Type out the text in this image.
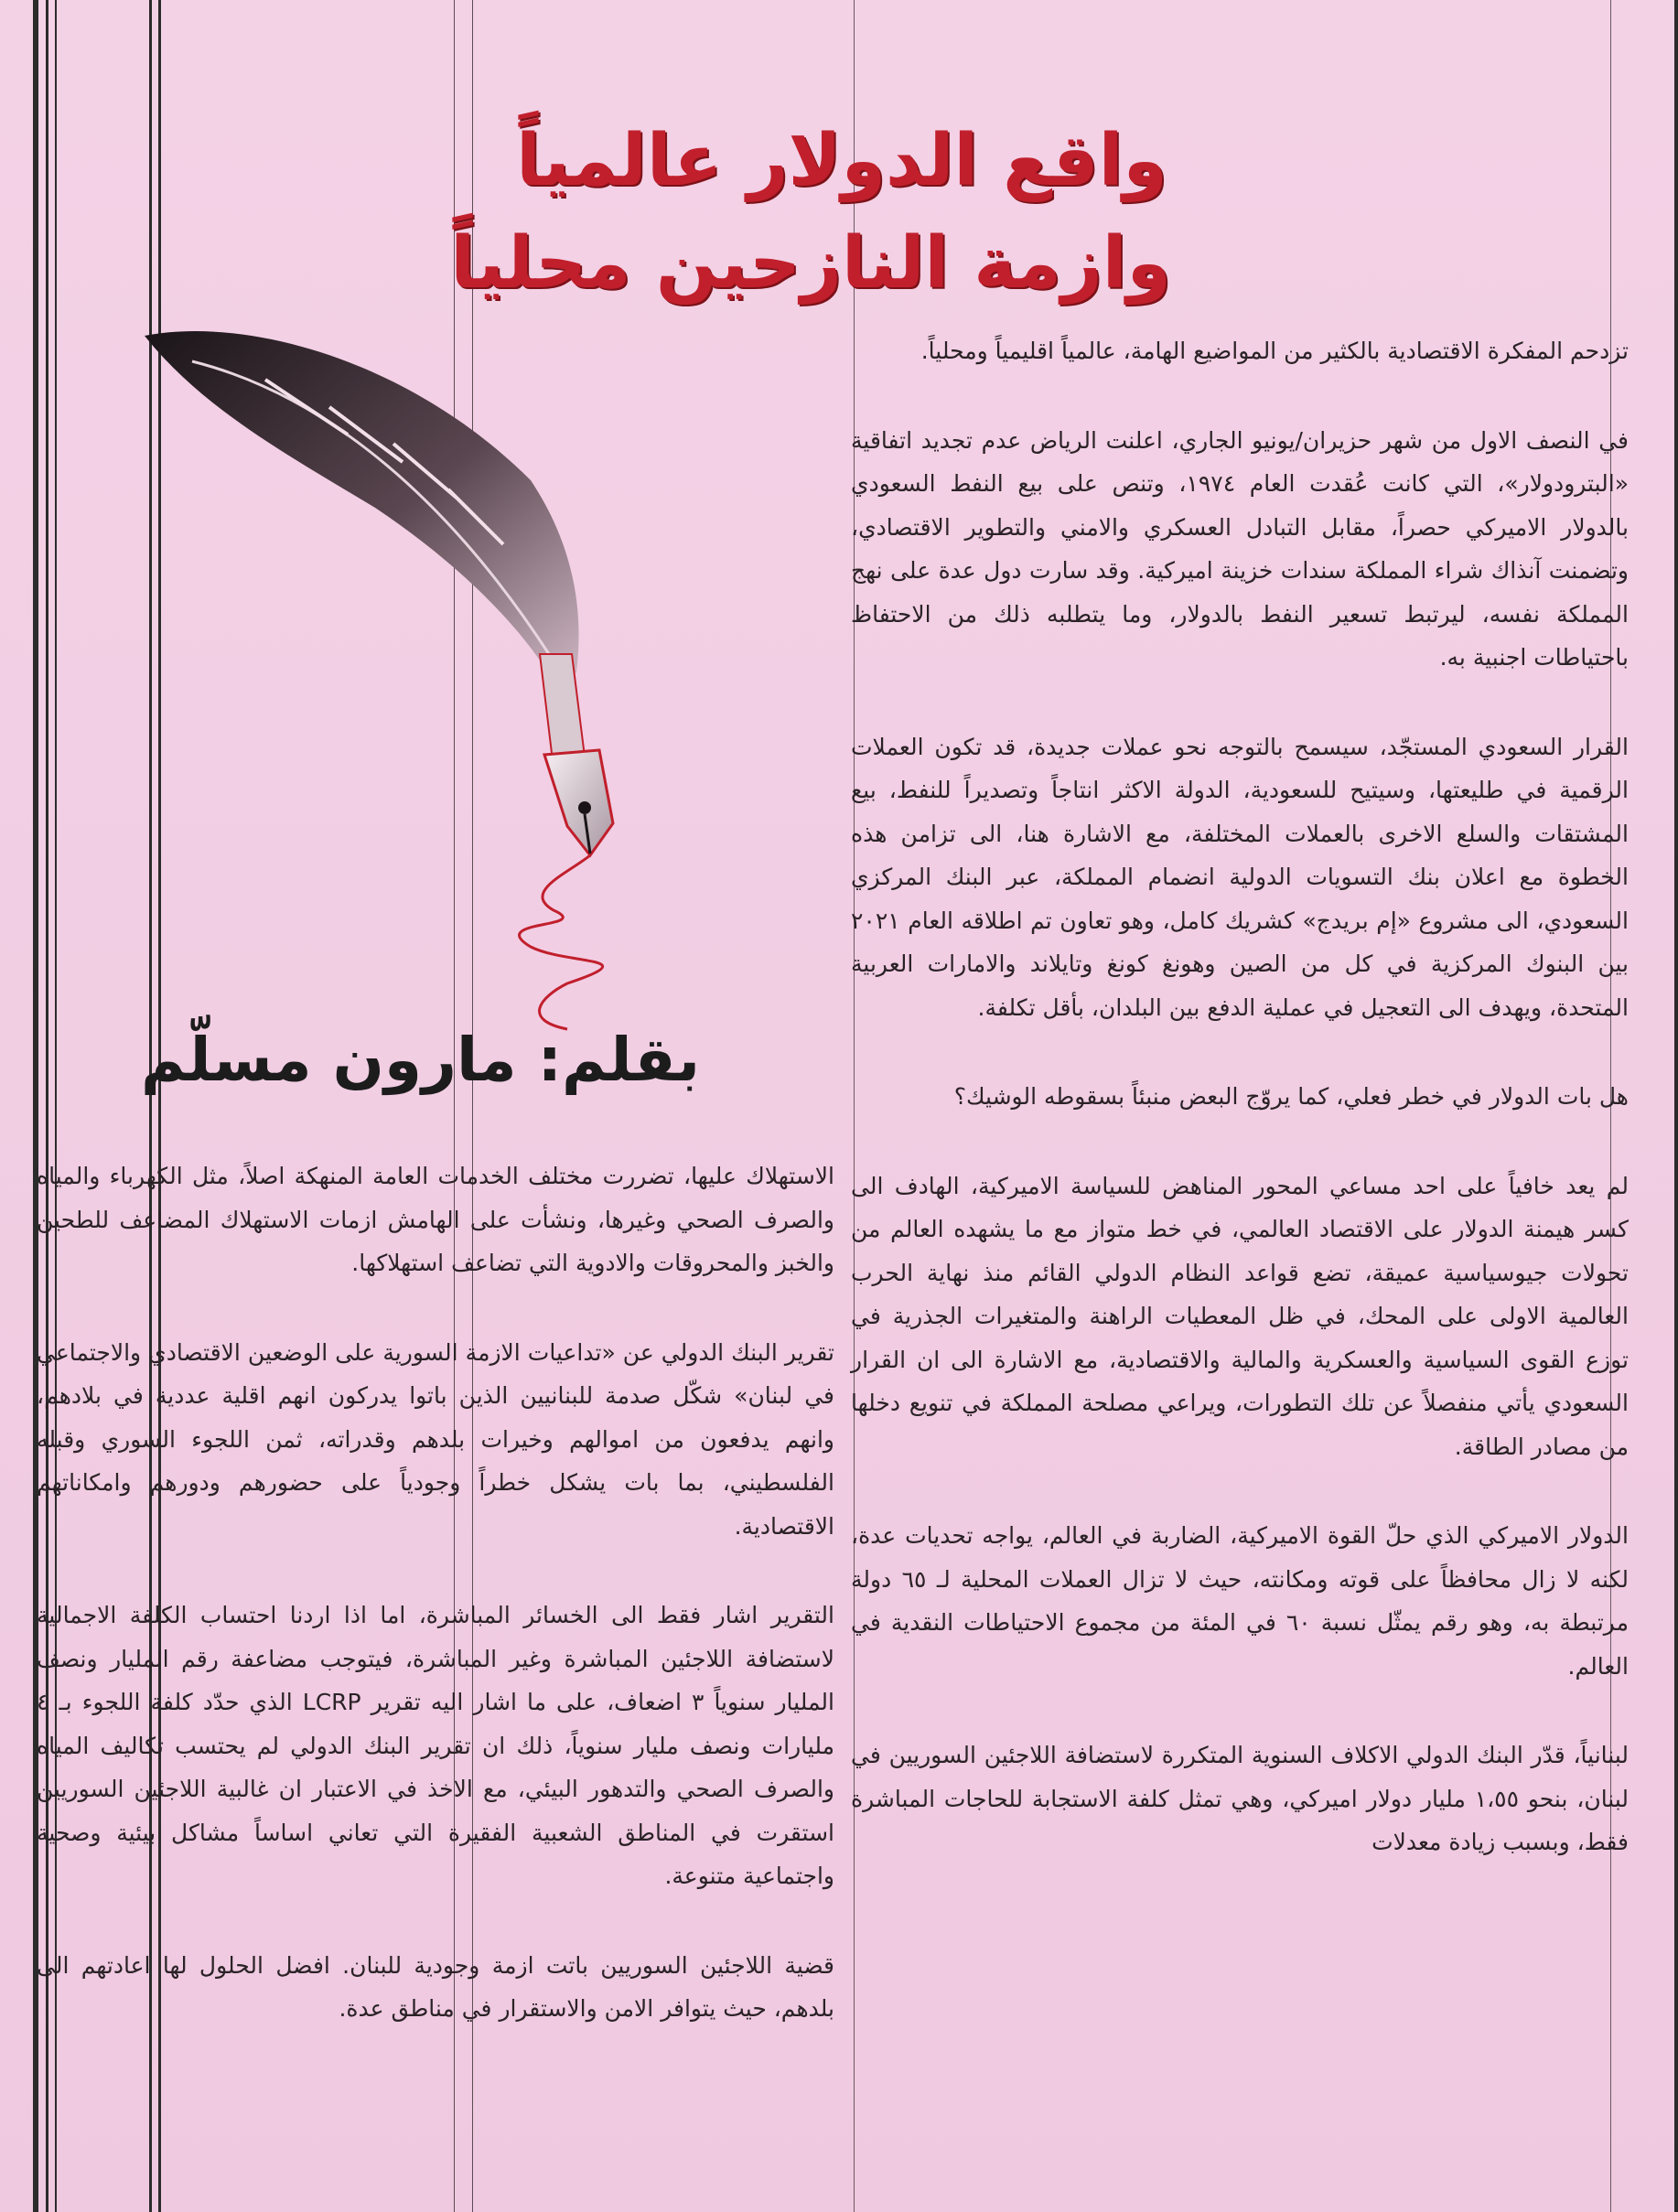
واقع الدولار عالمياً
وازمة النازحين محلياً
بقلم: مارون مسلّم

تزدحم المفكرة الاقتصادية بالكثير من المواضيع الهامة، عالمياً اقليمياً ومحلياً.

في النصف الاول من شهر حزيران/يونيو الجاري، اعلنت الرياض عدم تجديد اتفاقية «البترودولار»، التي كانت عُقدت العام ١٩٧٤، وتنص على بيع النفط السعودي بالدولار الاميركي حصراً، مقابل التبادل العسكري والامني والتطوير الاقتصادي، وتضمنت آنذاك شراء المملكة سندات خزينة اميركية. وقد سارت دول عدة على نهج المملكة نفسه، ليرتبط تسعير النفط بالدولار، وما يتطلبه ذلك من الاحتفاظ باحتياطات اجنبية به.

القرار السعودي المستجّد، سيسمح بالتوجه نحو عملات جديدة، قد تكون العملات الرقمية في طليعتها، وسيتيح للسعودية، الدولة الاكثر انتاجاً وتصديراً للنفط، بيع المشتقات والسلع الاخرى بالعملات المختلفة، مع الاشارة هنا، الى تزامن هذه الخطوة مع اعلان بنك التسويات الدولية انضمام المملكة، عبر البنك المركزي السعودي، الى مشروع «إم بريدج» كشريك كامل، وهو تعاون تم اطلاقه العام ٢٠٢١ بين البنوك المركزية في كل من الصين وهونغ كونغ وتايلاند والامارات العربية المتحدة، ويهدف الى التعجيل في عملية الدفع بين البلدان، بأقل تكلفة.

هل بات الدولار في خطر فعلي، كما يروّج البعض منبئاً بسقوطه الوشيك؟

لم يعد خافياً على احد مساعي المحور المناهض للسياسة الاميركية، الهادف الى كسر هيمنة الدولار على الاقتصاد العالمي، في خط متواز مع ما يشهده العالم من تحولات جيوسياسية عميقة، تضع قواعد النظام الدولي القائم منذ نهاية الحرب العالمية الاولى على المحك، في ظل المعطيات الراهنة والمتغيرات الجذرية في توزع القوى السياسية والعسكرية والمالية والاقتصادية، مع الاشارة الى ان القرار السعودي يأتي منفصلاً عن تلك التطورات، ويراعي مصلحة المملكة في تنويع دخلها من مصادر الطاقة.

الدولار الاميركي الذي حلّ القوة الاميركية، الضاربة في العالم، يواجه تحديات عدة، لكنه لا زال محافظاً على قوته ومكانته، حيث لا تزال العملات المحلية لـ ٦٥ دولة مرتبطة به، وهو رقم يمثّل نسبة ٦٠ في المئة من مجموع الاحتياطات النقدية في العالم.

لبنانياً، قدّر البنك الدولي الاكلاف السنوية المتكررة لاستضافة اللاجئين السوريين في لبنان، بنحو ١،٥٥ مليار دولار اميركي، وهي تمثل كلفة الاستجابة للحاجات المباشرة فقط، وبسبب زيادة معدلات

الاستهلاك عليها، تضررت مختلف الخدمات العامة المنهكة اصلاً، مثل الكهرباء والمياه والصرف الصحي وغيرها، ونشأت على الهامش ازمات الاستهلاك المضاعف للطحين والخبز والمحروقات والادوية التي تضاعف استهلاكها.

تقرير البنك الدولي عن «تداعيات الازمة السورية على الوضعين الاقتصادي والاجتماعي في لبنان» شكّل صدمة للبنانيين الذين باتوا يدركون انهم اقلية عددية في بلادهم، وانهم يدفعون من اموالهم وخيرات بلدهم وقدراته، ثمن اللجوء السوري وقبله الفلسطيني، بما بات يشكل خطراً وجودياً على حضورهم ودورهم وامكاناتهم الاقتصادية.

التقرير اشار فقط الى الخسائر المباشرة، اما اذا اردنا احتساب الكلفة الاجمالية لاستضافة اللاجئين المباشرة وغير المباشرة، فيتوجب مضاعفة رقم المليار ونصف المليار سنوياً ٣ اضعاف، على ما اشار اليه تقرير LCRP الذي حدّد كلفة اللجوء بـ ٤ مليارات ونصف مليار سنوياً، ذلك ان تقرير البنك الدولي لم يحتسب تكاليف المياه والصرف الصحي والتدهور البيئي، مع الاخذ في الاعتبار ان غالبية اللاجئين السوريين استقرت في المناطق الشعبية الفقيرة التي تعاني اساساً مشاكل بيئية وصحية واجتماعية متنوعة.

قضية اللاجئين السوريين باتت ازمة وجودية للبنان. افضل الحلول لها اعادتهم الى بلدهم، حيث يتوافر الامن والاستقرار في مناطق عدة.
